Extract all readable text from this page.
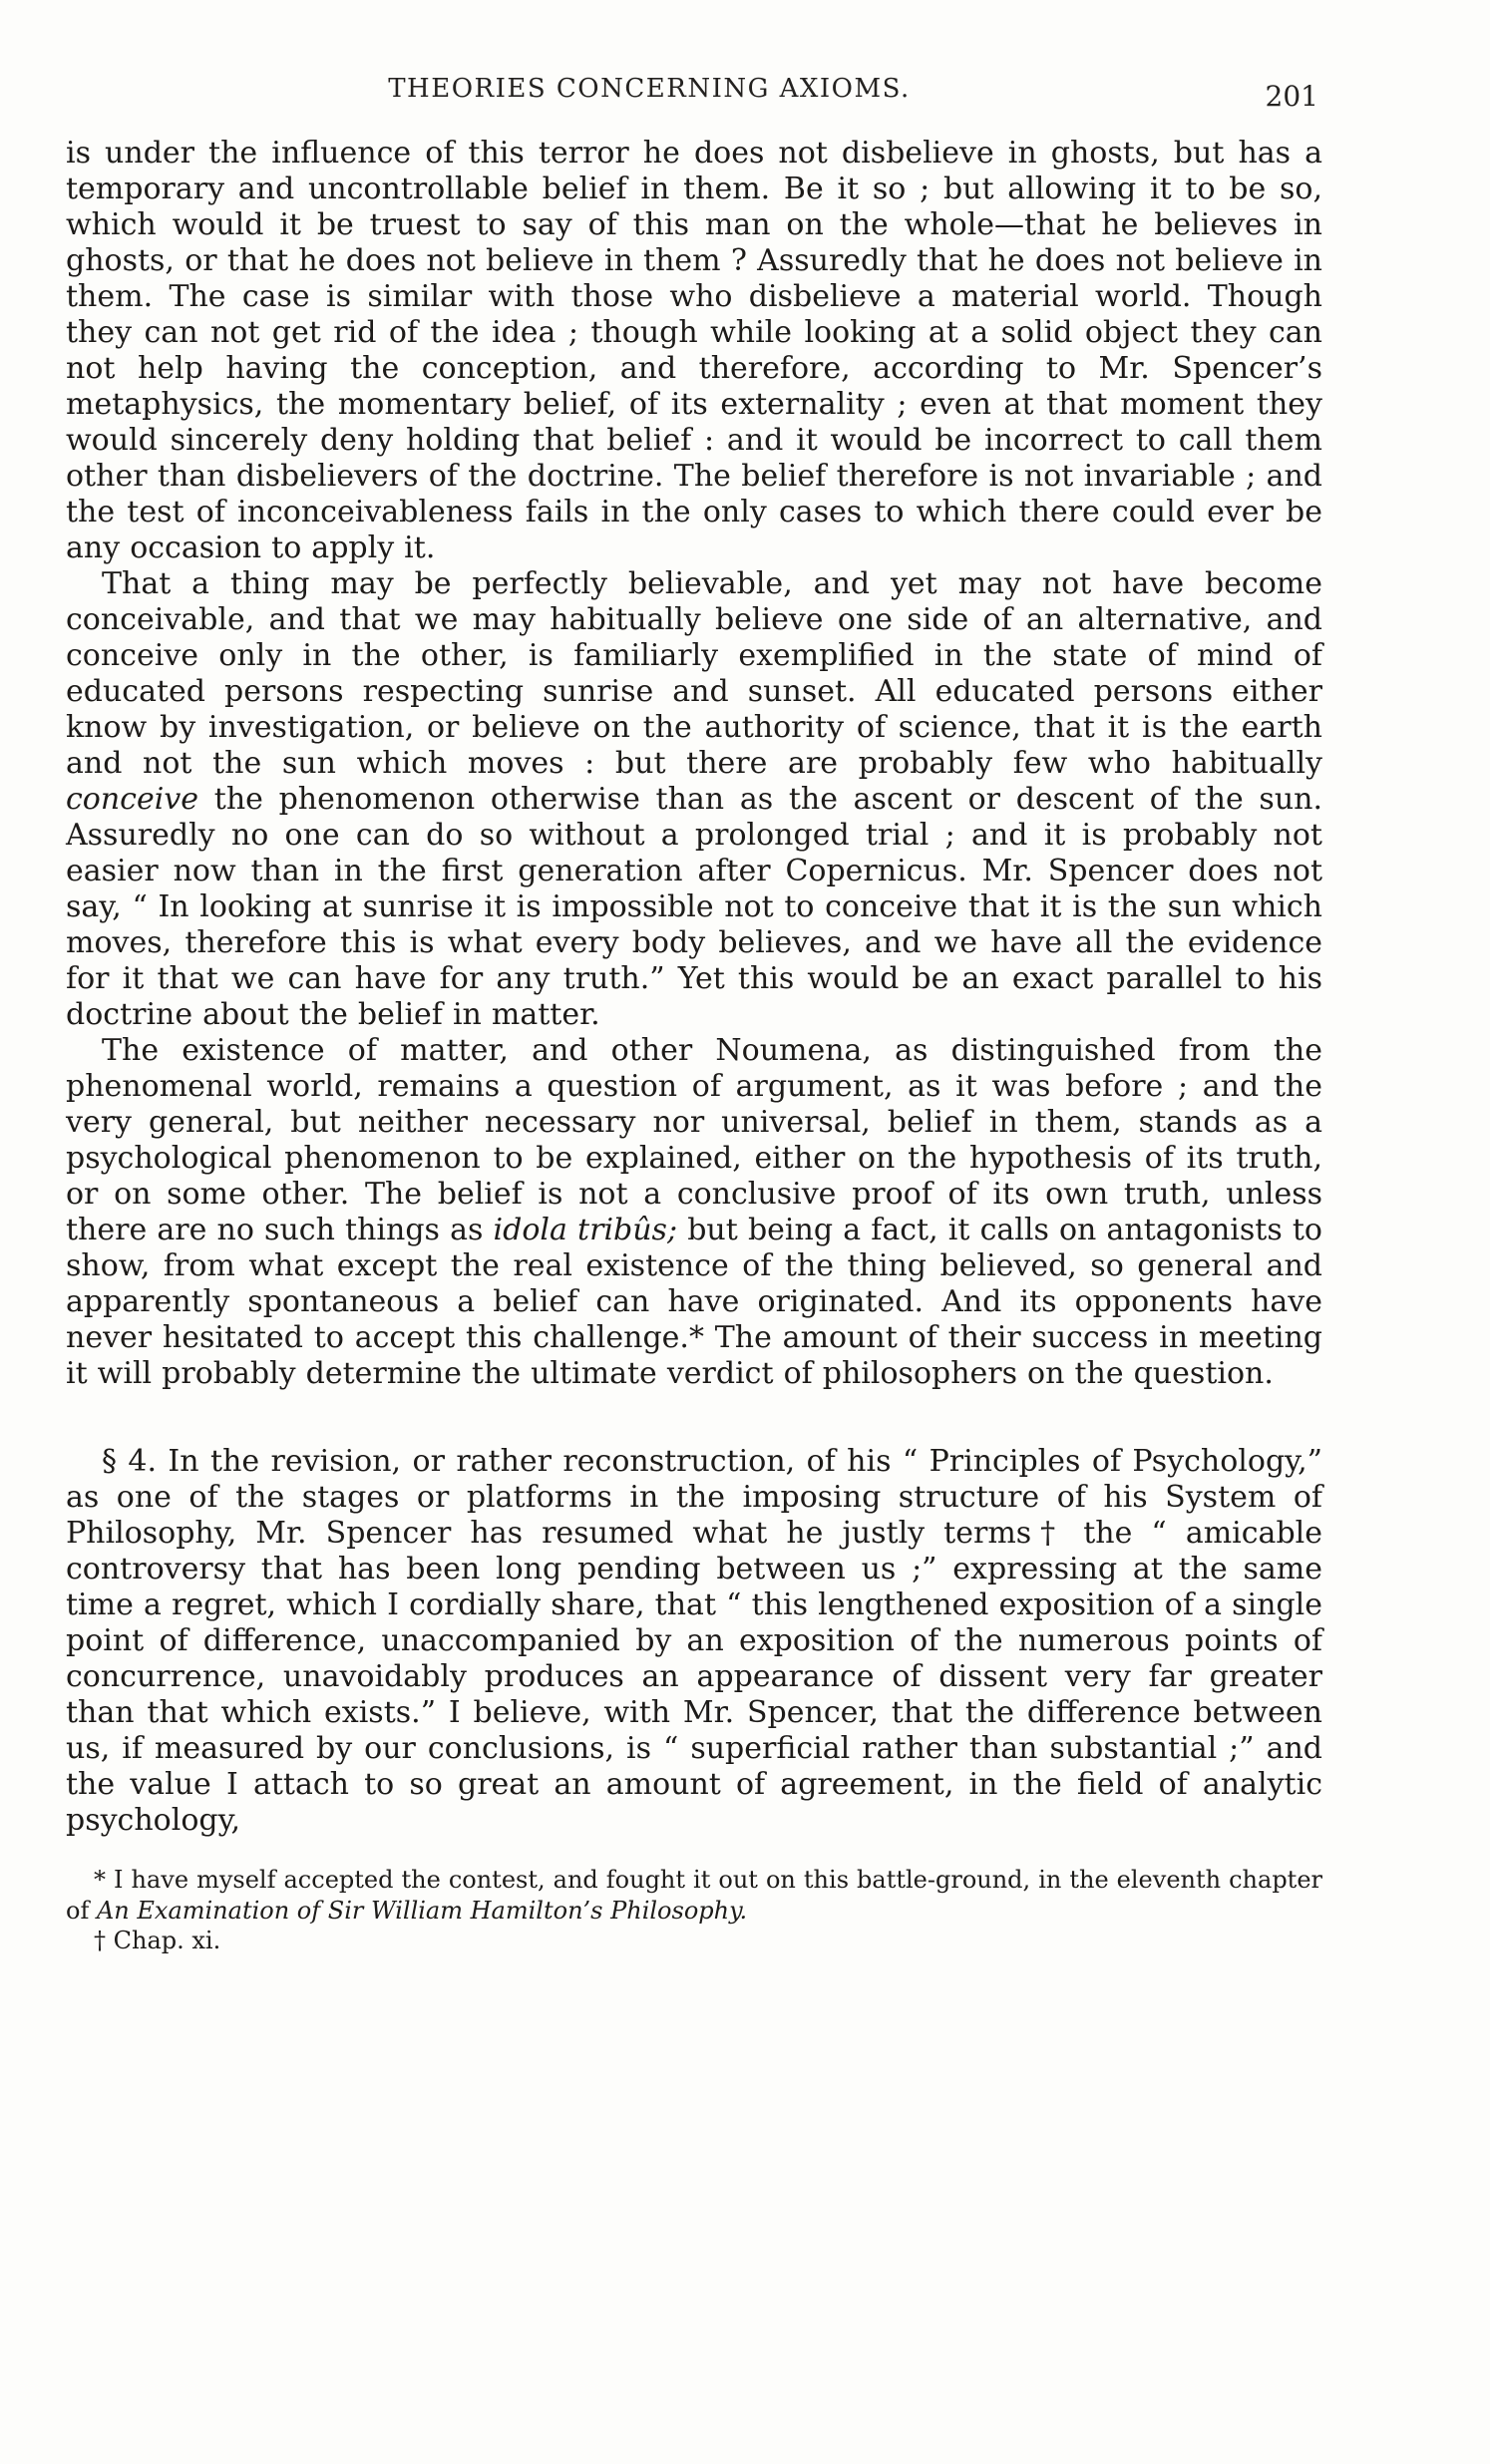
THEORIES CONCERNING AXIOMS.	201

is under the influence of this terror he does not disbelieve in ghosts, but has a temporary and uncontrollable belief in them. Be it so ; but allowing it to be so, which would it be truest to say of this man on the whole—that he believes in ghosts, or that he does not believe in them ? Assuredly that he does not believe in them. The case is similar with those who disbelieve a material world. Though they can not get rid of the idea ; though while looking at a solid object they can not help having the conception, and therefore, according to Mr. Spencer’s metaphysics, the momentary belief, of its externality ; even at that moment they would sincerely deny holding that belief : and it would be incorrect to call them other than disbelievers of the doctrine. The belief therefore is not invariable ; and the test of inconceivableness fails in the only cases to which there could ever be any occasion to apply it.

That a thing may be perfectly believable, and yet may not have become conceivable, and that we may habitually believe one side of an alternative, and conceive only in the other, is familiarly exemplified in the state of mind of educated persons respecting sunrise and sunset. All educated persons either know by investigation, or believe on the authority of science, that it is the earth and not the sun which moves : but there are probably few who habitually conceive the phenomenon otherwise than as the ascent or descent of the sun. Assuredly no one can do so without a prolonged trial ; and it is probably not easier now than in the first generation after Copernicus. Mr. Spencer does not say, “ In looking at sunrise it is impossible not to conceive that it is the sun which moves, therefore this is what every body believes, and we have all the evidence for it that we can have for any truth.” Yet this would be an exact parallel to his doctrine about the belief in matter.

The existence of matter, and other Noumena, as distinguished from the phenomenal world, remains a question of argument, as it was before ; and the very general, but neither necessary nor universal, belief in them, stands as a psychological phenomenon to be explained, either on the hypothesis of its truth, or on some other. The belief is not a conclusive proof of its own truth, unless there are no such things as idola tribûs; but being a fact, it calls on antagonists to show, from what except the real existence of the thing believed, so general and apparently spontaneous a belief can have originated. And its opponents have never hesitated to accept this challenge.* The amount of their success in meeting it will probably determine the ultimate verdict of philosophers on the question.

§ 4. In the revision, or rather reconstruction, of his “ Principles of Psychology,” as one of the stages or platforms in the imposing structure of his System of Philosophy, Mr. Spencer has resumed what he justly terms† the “ amicable controversy that has been long pending between us ;” expressing at the same time a regret, which I cordially share, that “ this lengthened exposition of a single point of difference, unaccompanied by an exposition of the numerous points of concurrence, unavoidably produces an appearance of dissent very far greater than that which exists.” I believe, with Mr. Spencer, that the difference between us, if measured by our conclusions, is “ superficial rather than substantial ;” and the value I attach to so great an amount of agreement, in the field of analytic psychology,

* I have myself accepted the contest, and fought it out on this battle-ground, in the eleventh chapter of An Examination of Sir William Hamilton’s Philosophy.

† Chap. xi.
